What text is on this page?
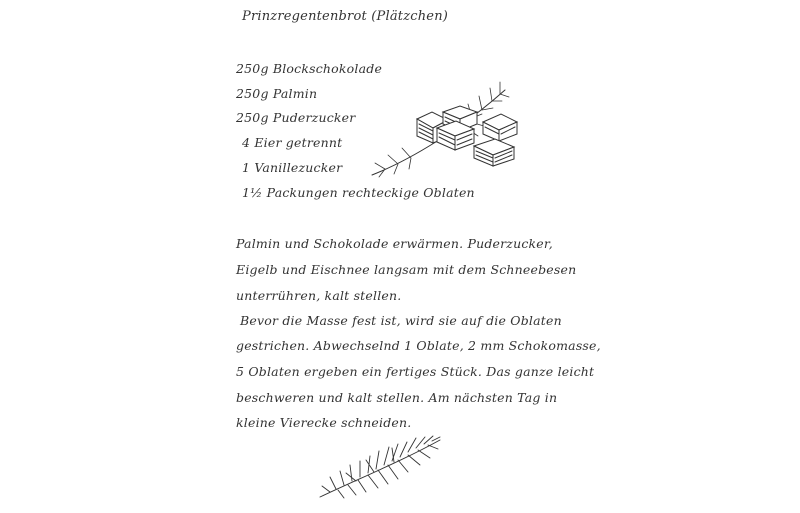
Prinzregentenbrot (Plätzchen)
250g Blockschokolade
250g Palmin
250g Puderzucker
4 Eier getrennt
1 Vanillezucker
1½ Packungen rechteckige Oblaten
Palmin und Schokolade erwärmen. Puderzucker,
Eigelb und Eischnee langsam mit dem Schneebesen
unterrühren, kalt stellen.
Bevor die Masse fest ist, wird sie auf die Oblaten
gestrichen. Abwechselnd 1 Oblate, 2 mm Schokomasse,
5 Oblaten ergeben ein fertiges Stück. Das ganze leicht
beschweren und kalt stellen. Am nächsten Tag in
kleine Vierecke schneiden.
